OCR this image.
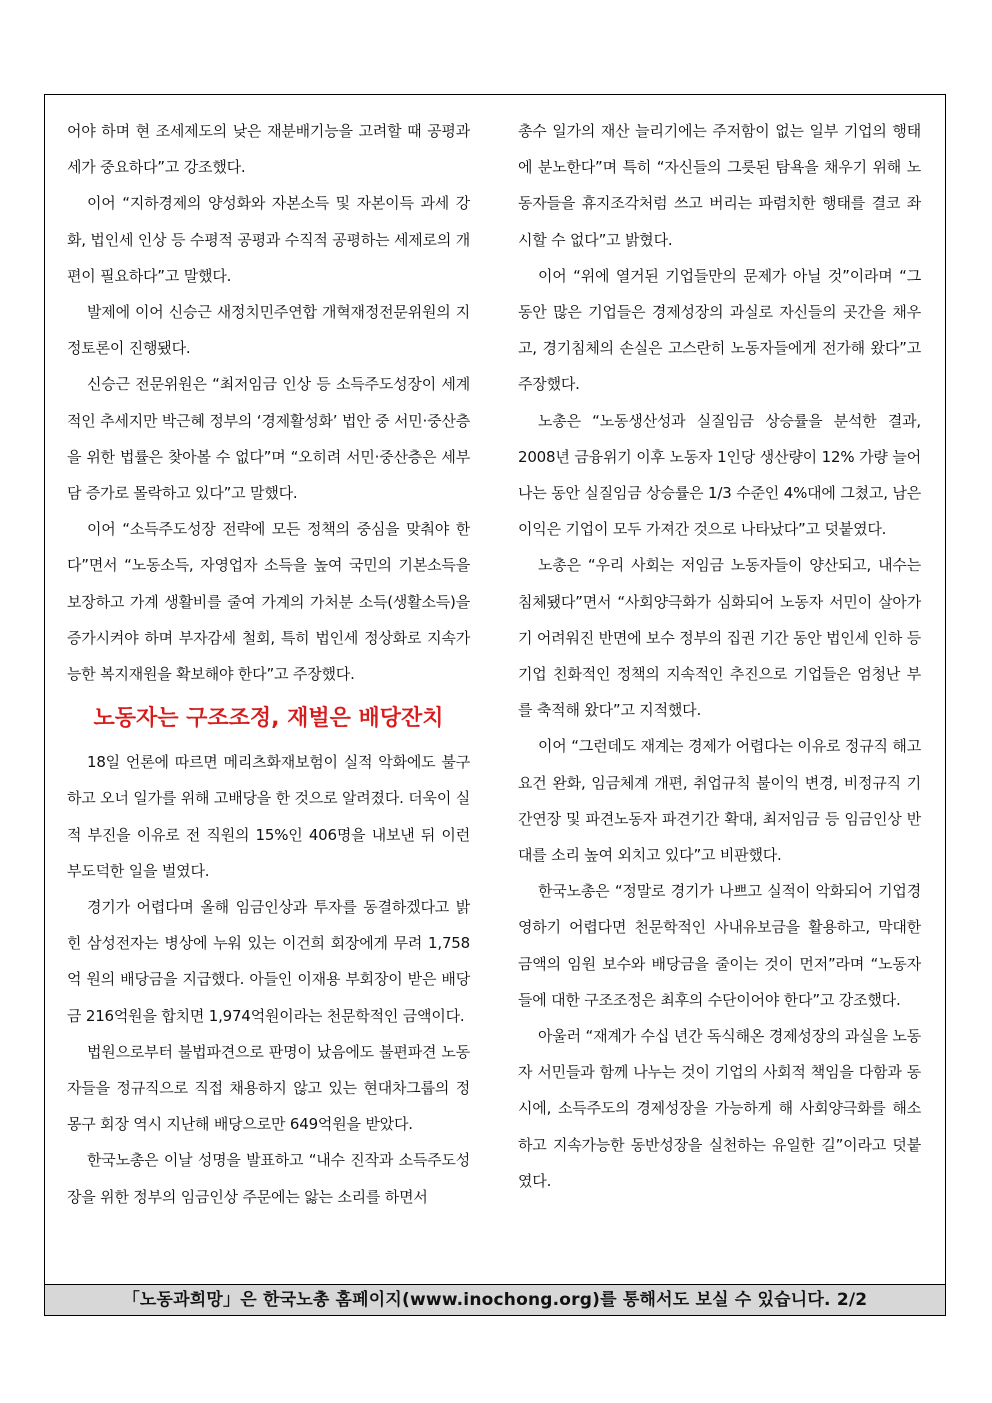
어야 하며 현 조세제도의 낮은 재분배기능을 고려할 때 공평과세가 중요하다”고 강조했다.

이어 “지하경제의 양성화와 자본소득 및 자본이득 과세 강화, 법인세 인상 등 수평적 공평과 수직적 공평하는 세제로의 개편이 필요하다”고 말했다.

발제에 이어 신승근 새정치민주연합 개혁재정전문위원의 지정토론이 진행됐다.

신승근 전문위원은 “최저임금 인상 등 소득주도성장이 세계적인 추세지만 박근혜 정부의 ‘경제활성화’ 법안 중 서민·중산층을 위한 법률은 찾아볼 수 없다”며 “오히려 서민·중산층은 세부담 증가로 몰락하고 있다”고 말했다.

이어 “소득주도성장 전략에 모든 정책의 중심을 맞춰야 한다”면서 “노동소득, 자영업자 소득을 높여 국민의 기본소득을 보장하고 가계 생활비를 줄여 가계의 가처분 소득(생활소득)을 증가시켜야 하며 부자감세 철회, 특히 법인세 정상화로 지속가능한 복지재원을 확보해야 한다”고 주장했다.

노동자는 구조조정, 재벌은 배당잔치

18일 언론에 따르면 메리츠화재보험이 실적 악화에도 불구하고 오너 일가를 위해 고배당을 한 것으로 알려졌다. 더욱이 실적 부진을 이유로 전 직원의 15%인 406명을 내보낸 뒤 이런 부도덕한 일을 벌였다.

경기가 어렵다며 올해 임금인상과 투자를 동결하겠다고 밝힌 삼성전자는 병상에 누워 있는 이건희 회장에게 무려 1,758억 원의 배당금을 지급했다. 아들인 이재용 부회장이 받은 배당금 216억원을 합치면 1,974억원이라는 천문학적인 금액이다.

법원으로부터 불법파견으로 판명이 났음에도 불편파견 노동자들을 정규직으로 직접 채용하지 않고 있는 현대차그룹의 정몽구 회장 역시 지난해 배당으로만 649억원을 받았다.

한국노총은 이날 성명을 발표하고 “내수 진작과 소득주도성장을 위한 정부의 임금인상 주문에는 앓는 소리를 하면서

총수 일가의 재산 늘리기에는 주저함이 없는 일부 기업의 행태에 분노한다”며 특히 “자신들의 그릇된 탐욕을 채우기 위해 노동자들을 휴지조각처럼 쓰고 버리는 파렴치한 행태를 결코 좌시할 수 없다”고 밝혔다.

이어 “위에 열거된 기업들만의 문제가 아닐 것”이라며 “그 동안 많은 기업들은 경제성장의 과실로 자신들의 곳간을 채우고, 경기침체의 손실은 고스란히 노동자들에게 전가해 왔다”고 주장했다.

노총은 “노동생산성과 실질임금 상승률을 분석한 결과, 2008년 금융위기 이후 노동자 1인당 생산량이 12% 가량 늘어나는 동안 실질임금 상승률은 1/3 수준인 4%대에 그쳤고, 남은 이익은 기업이 모두 가져간 것으로 나타났다”고 덧붙였다.

노총은 “우리 사회는 저임금 노동자들이 양산되고, 내수는 침체됐다”면서 “사회양극화가 심화되어 노동자 서민이 살아가기 어려워진 반면에 보수 정부의 집권 기간 동안 법인세 인하 등 기업 친화적인 정책의 지속적인 추진으로 기업들은 엄청난 부를 축적해 왔다”고 지적했다.

이어 “그런데도 재계는 경제가 어렵다는 이유로 정규직 해고요건 완화, 임금체계 개편, 취업규칙 불이익 변경, 비정규직 기간연장 및 파견노동자 파견기간 확대, 최저임금 등 임금인상 반대를 소리 높여 외치고 있다”고 비판했다.

한국노총은 “정말로 경기가 나쁘고 실적이 악화되어 기업경영하기 어렵다면 천문학적인 사내유보금을 활용하고, 막대한 금액의 임원 보수와 배당금을 줄이는 것이 먼저”라며 “노동자들에 대한 구조조정은 최후의 수단이어야 한다”고 강조했다.

아울러 “재계가 수십 년간 독식해온 경제성장의 과실을 노동자 서민들과 함께 나누는 것이 기업의 사회적 책임을 다함과 동시에, 소득주도의 경제성장을 가능하게 해 사회양극화를 해소하고 지속가능한 동반성장을 실천하는 유일한 길”이라고 덧붙였다.

「노동과희망」은 한국노총 홈페이지(www.inochong.org)를 통해서도 보실 수 있습니다. 2/2
